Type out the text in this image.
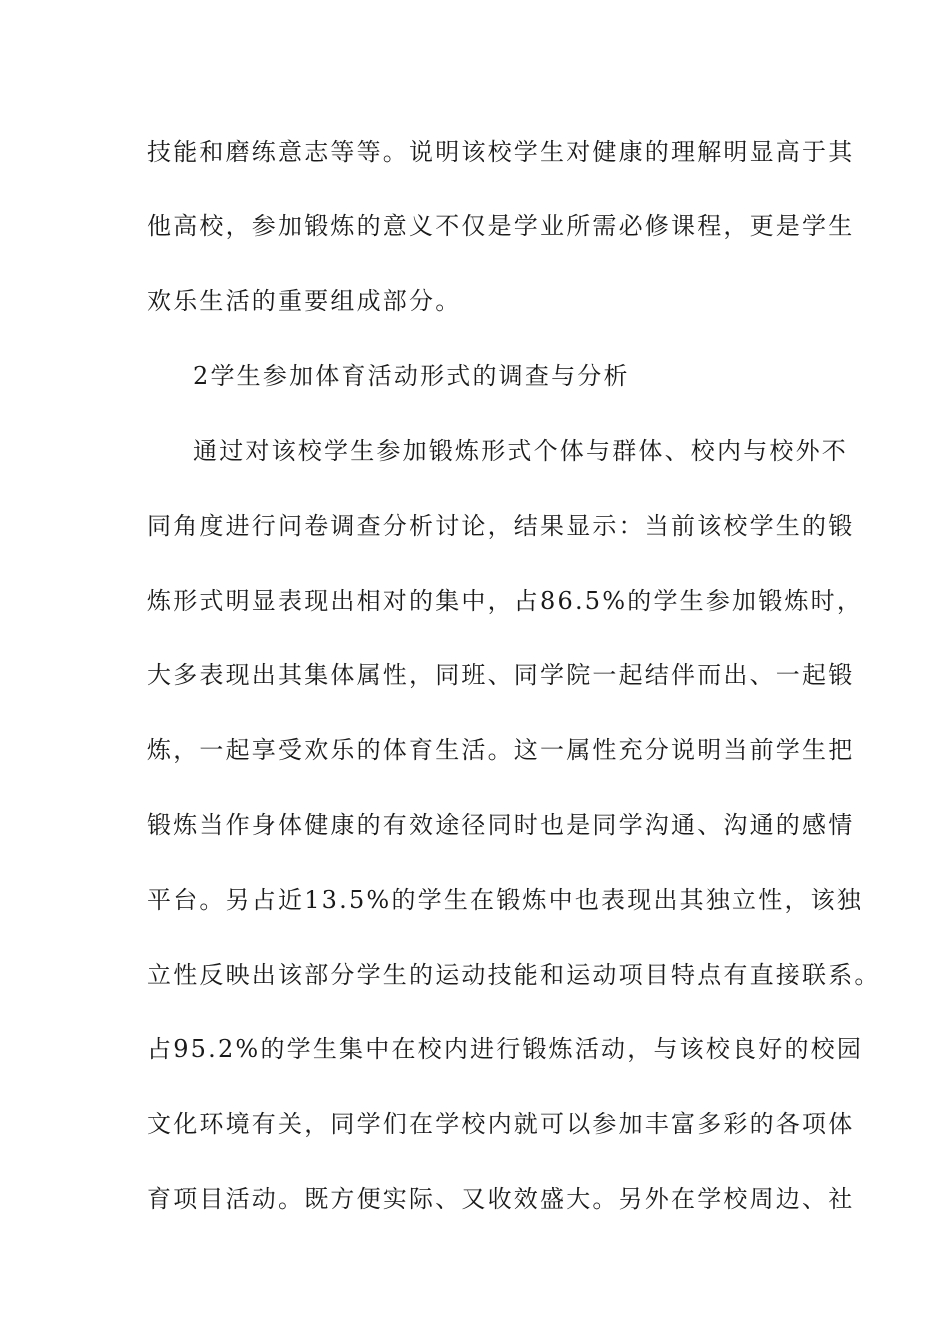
技能和磨练意志等等。说明该校学生对健康的理解明显高于其
他高校，参加锻炼的意义不仅是学业所需必修课程，更是学生
欢乐生活的重要组成部分。
2学生参加体育活动形式的调查与分析
通过对该校学生参加锻炼形式个体与群体、校内与校外不
同角度进行问卷调查分析讨论，结果显示：当前该校学生的锻
炼形式明显表现出相对的集中，占86.5%的学生参加锻炼时，
大多表现出其集体属性，同班、同学院一起结伴而出、一起锻
炼，一起享受欢乐的体育生活。这一属性充分说明当前学生把
锻炼当作身体健康的有效途径同时也是同学沟通、沟通的感情
平台。另占近13.5%的学生在锻炼中也表现出其独立性，该独
立性反映出该部分学生的运动技能和运动项目特点有直接联系。
占95.2%的学生集中在校内进行锻炼活动，与该校良好的校园
文化环境有关，同学们在学校内就可以参加丰富多彩的各项体
育项目活动。既方便实际、又收效盛大。另外在学校周边、社
